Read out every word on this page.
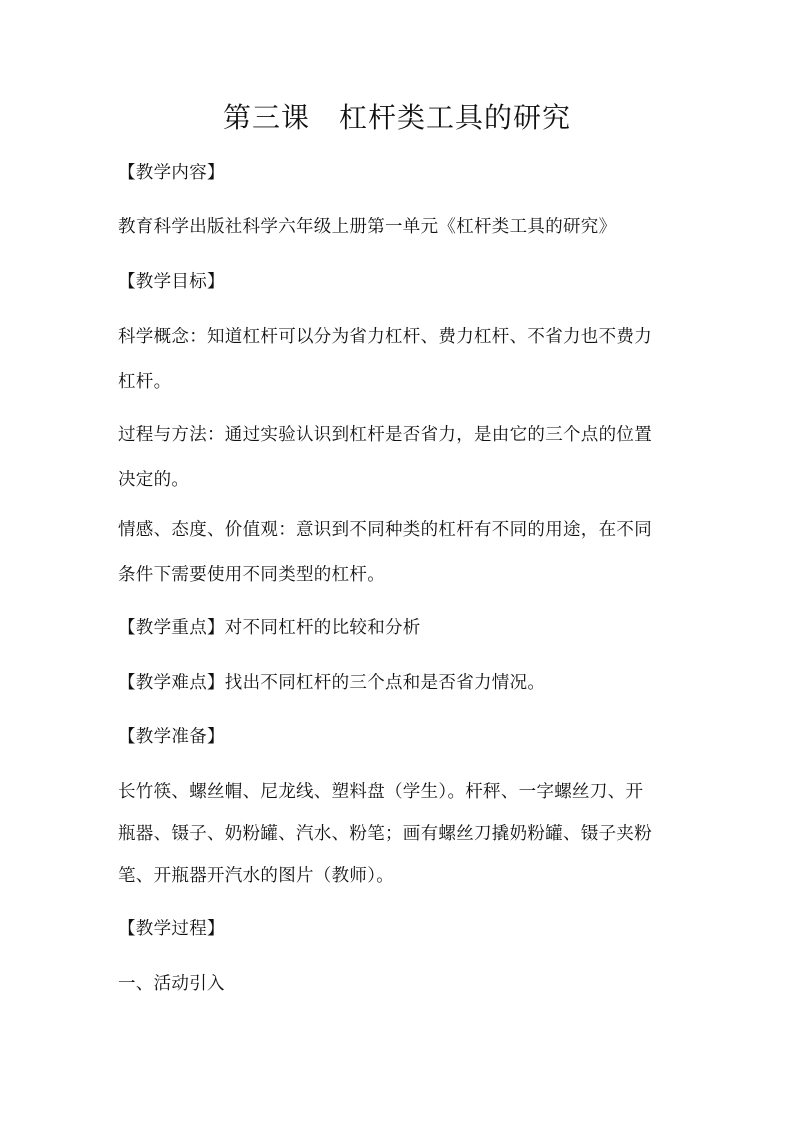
第三课　杠杆类工具的研究
【教学内容】
教育科学出版社科学六年级上册第一单元《杠杆类工具的研究》
【教学目标】
科学概念：知道杠杆可以分为省力杠杆、费力杠杆、不省力也不费力
杠杆。
过程与方法：通过实验认识到杠杆是否省力，是由它的三个点的位置
决定的。
情感、态度、价值观：意识到不同种类的杠杆有不同的用途，在不同
条件下需要使用不同类型的杠杆。
【教学重点】对不同杠杆的比较和分析
【教学难点】找出不同杠杆的三个点和是否省力情况。
【教学准备】
长竹筷、螺丝帽、尼龙线、塑料盘（学生）。杆秤、一字螺丝刀、开
瓶器、镊子、奶粉罐、汽水、粉笔；画有螺丝刀撬奶粉罐、镊子夹粉
笔、开瓶器开汽水的图片（教师）。
【教学过程】
一、活动引入
